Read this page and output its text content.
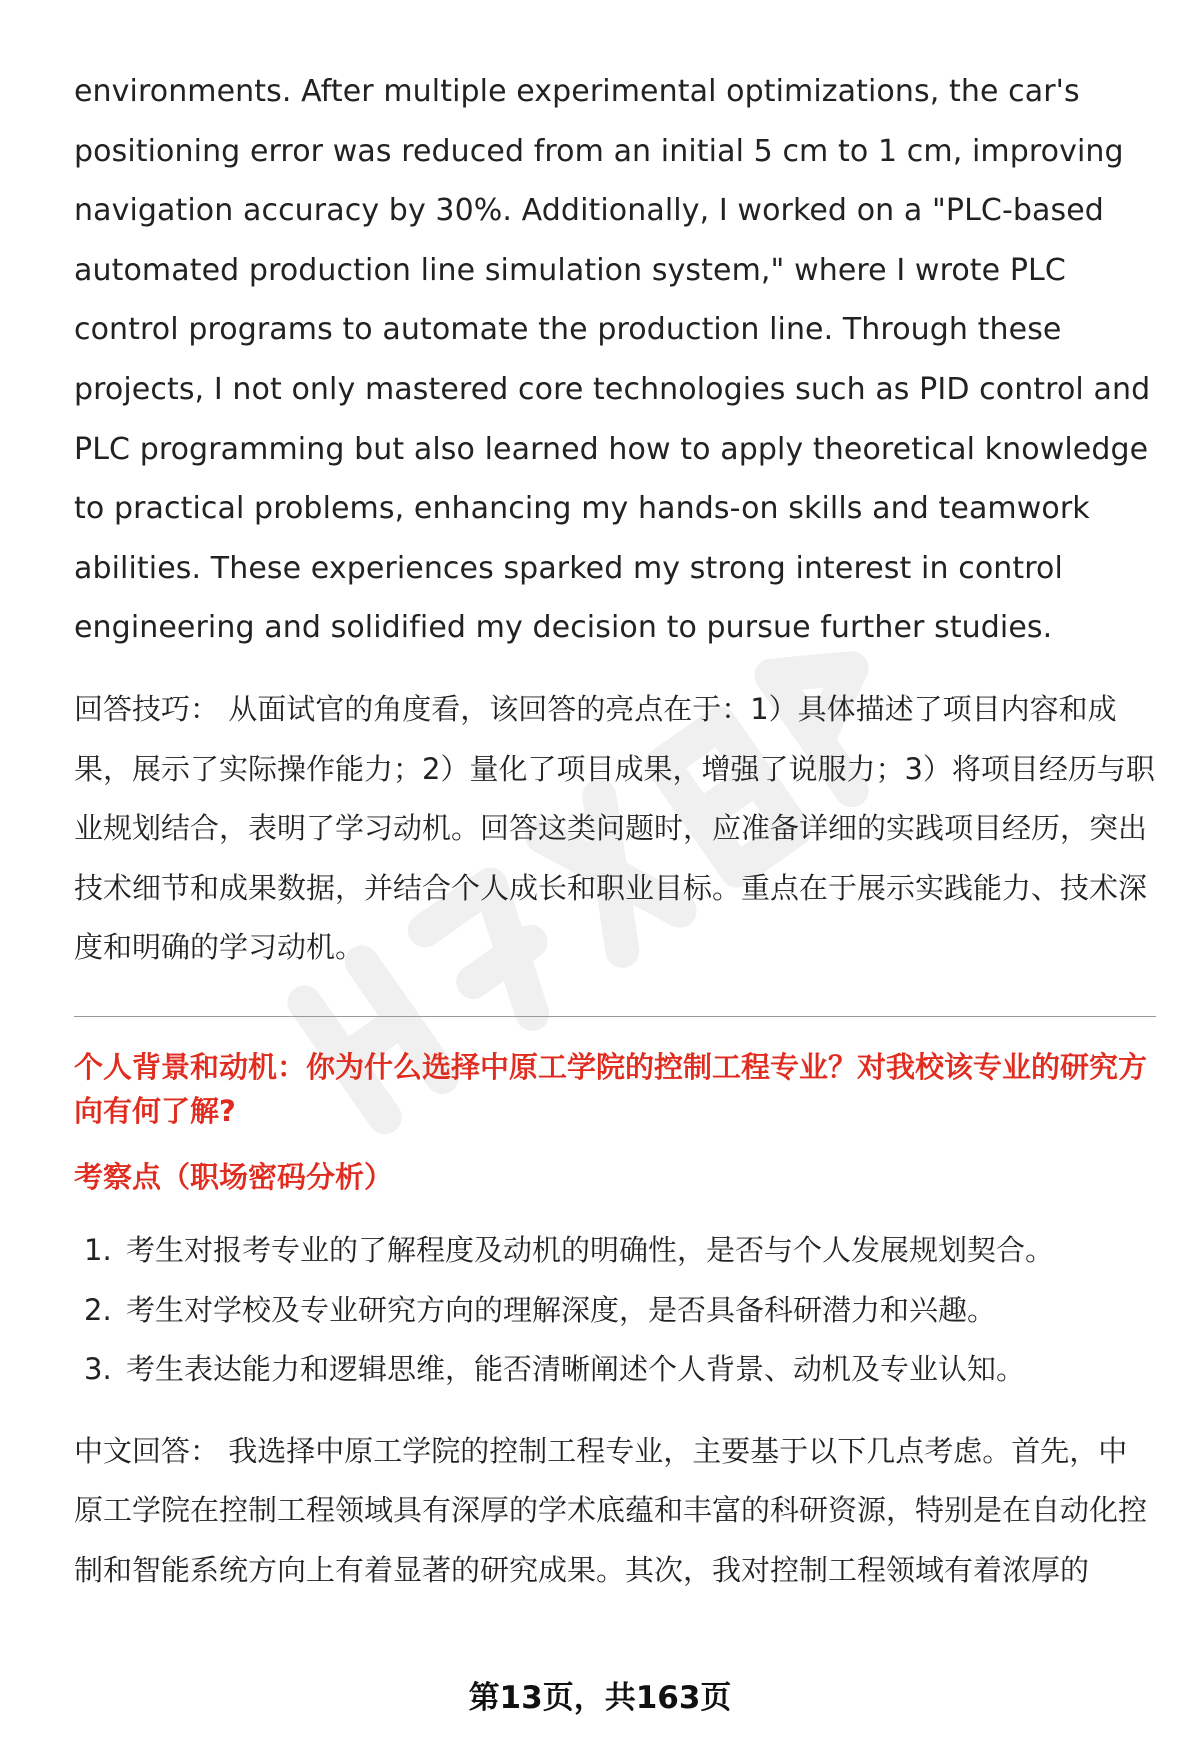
environments. After multiple experimental optimizations, the car's positioning error was reduced from an initial 5 cm to 1 cm, improving navigation accuracy by 30%. Additionally, I worked on a "PLC-based automated production line simulation system," where I wrote PLC control programs to automate the production line. Through these projects, I not only mastered core technologies such as PID control and PLC programming but also learned how to apply theoretical knowledge to practical problems, enhancing my hands-on skills and teamwork abilities. These experiences sparked my strong interest in control engineering and solidified my decision to pursue further studies.

回答技巧： 从面试官的角度看，该回答的亮点在于：1）具体描述了项目内容和成果，展示了实际操作能力；2）量化了项目成果，增强了说服力；3）将项目经历与职业规划结合，表明了学习动机。回答这类问题时，应准备详细的实践项目经历，突出技术细节和成果数据，并结合个人成长和职业目标。重点在于展示实践能力、技术深度和明确的学习动机。

个人背景和动机：你为什么选择中原工学院的控制工程专业？对我校该专业的研究方向有何了解?
考察点（职场密码分析）
1. 考生对报考专业的了解程度及动机的明确性，是否与个人发展规划契合。
2. 考生对学校及专业研究方向的理解深度，是否具备科研潜力和兴趣。
3. 考生表达能力和逻辑思维，能否清晰阐述个人背景、动机及专业认知。

中文回答： 我选择中原工学院的控制工程专业，主要基于以下几点考虑。首先，中原工学院在控制工程领域具有深厚的学术底蕴和丰富的科研资源，特别是在自动化控制和智能系统方向上有着显著的研究成果。其次，我对控制工程领域有着浓厚的

第13页，共163页
